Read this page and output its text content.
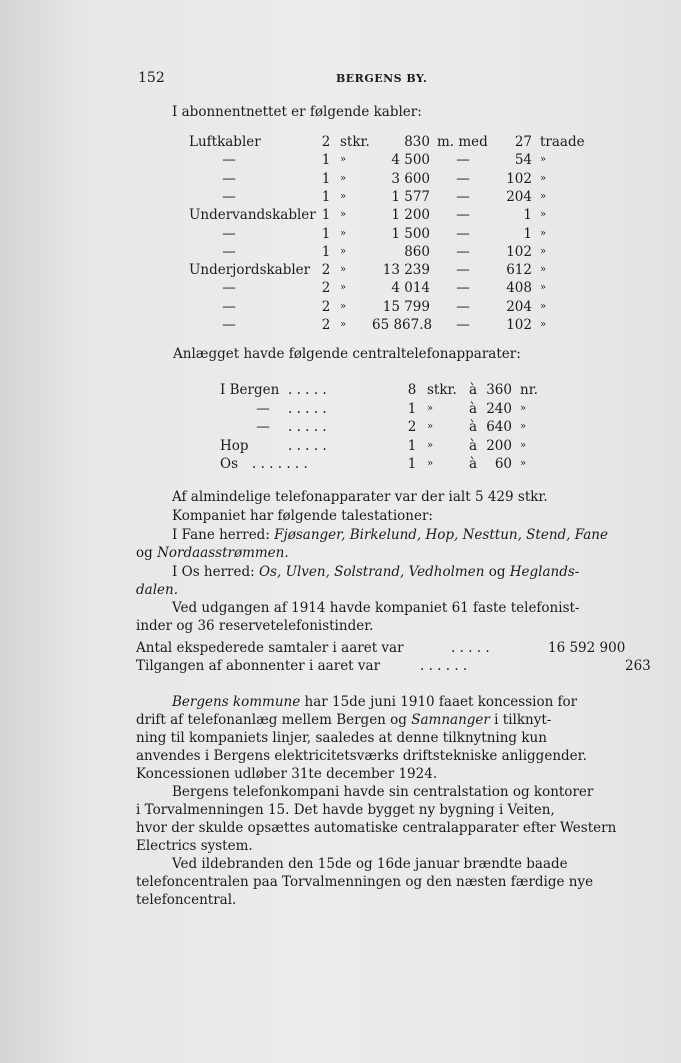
152	BERGENS BY.
I abonnentnettet er følgende kabler:
Luftkabler	2 stkr.	830 m. med	27 traade
—	1 »	4 500	—	54 »
—	1 »	3 600	—	102 »
—	1 »	1 577	—	204 »
Undervandskabler 1 »	1 200	—	1 »
—	1 »	1 500	—	1 »
—	1 »	860	—	102 »
Underjordskabler 2 »	13 239	—	612 »
—	2 »	4 014	—	408 »
—	2 »	15 799	—	204 »
—	2 »	65 867.8	—	102 »
Anlægget havde følgende centraltelefonapparater:
I Bergen . . . . .	8 stkr. à 360 nr.
—	. . . . .	1	»	à 240 »
—	. . . . .	2	»	à 640 »
Hop	. . . . .	1	»	à 200 »
Os	. . . . . . .	1	»	à	60 »
Af almindelige telefonapparater var der ialt 5 429 stkr.
Kompaniet har følgende talestationer:
I Fane herred: Fjøsanger, Birkelund, Hop, Nesttun, Stend, Fane
og Nordaasstrømmen.
I Os herred: Os, Ulven, Solstrand, Vedholmen og Heglands-
dalen.
Ved udgangen af 1914 havde kompaniet 61 faste telefonist-
inder og 36 reservetelefonistinder.
Antal ekspederede samtaler i aaret var	. . . . .	16 592 900
Tilgangen af abonnenter i aaret var	. . . . . .	263
Bergens kommune har 15de juni 1910 faaet koncession for
drift af telefonanlæg mellem Bergen og Samnanger i tilknyt-
ning til kompaniets linjer, saaledes at denne tilknytning kun
anvendes i Bergens elektricitetsværks driftstekniske anliggender.
Koncessionen udløber 31te december 1924.
Bergens telefonkompani havde sin centralstation og kontorer
i Torvalmenningen 15. Det havde bygget ny bygning i Veiten,
hvor der skulde opsættes automatiske centralapparater efter Western
Electrics system.
Ved ildebranden den 15de og 16de januar brændte baade
telefoncentralen paa Torvalmenningen og den næsten færdige nye
telefoncentral.
